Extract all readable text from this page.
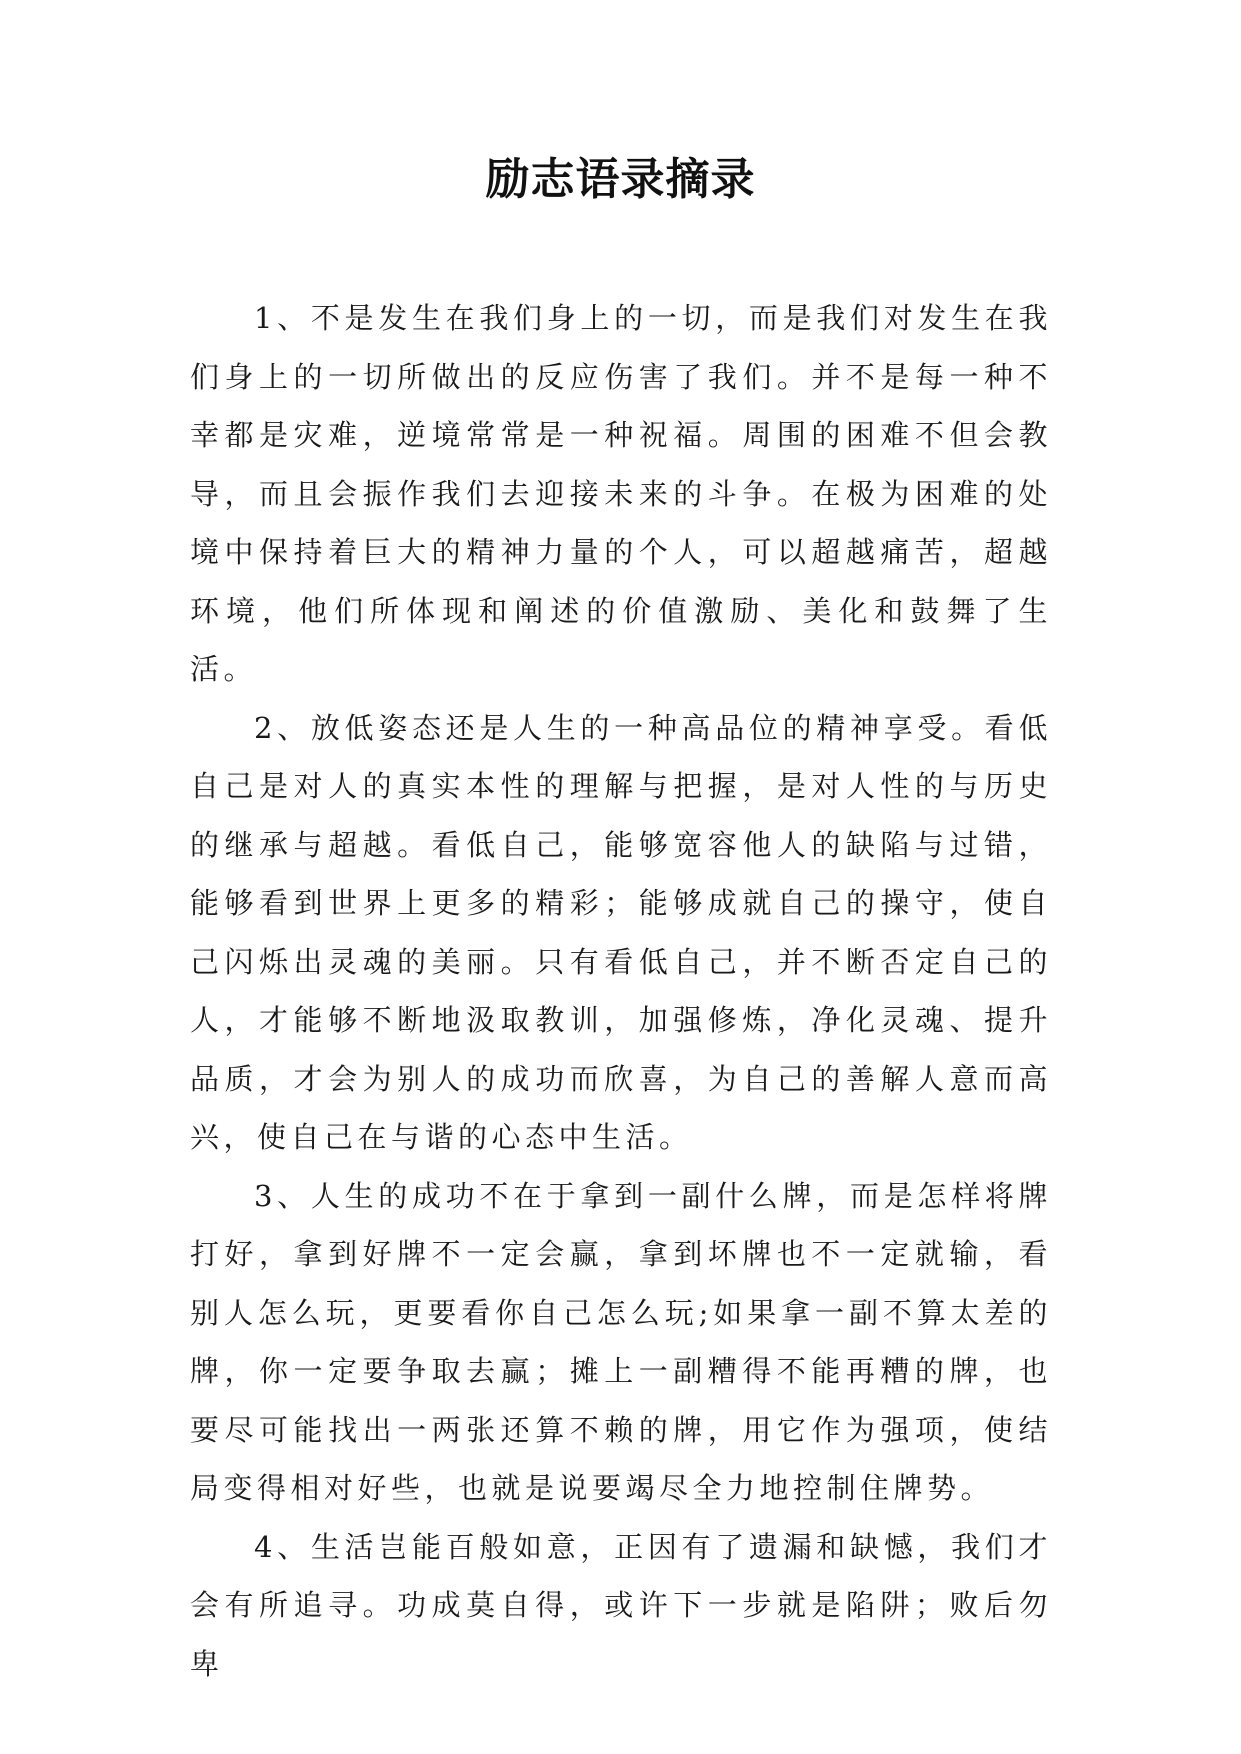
励志语录摘录

1、不是发生在我们身上的一切，而是我们对发生在我们身上的一切所做出的反应伤害了我们。并不是每一种不幸都是灾难，逆境常常是一种祝福。周围的困难不但会教导，而且会振作我们去迎接未来的斗争。在极为困难的处境中保持着巨大的精神力量的个人，可以超越痛苦，超越环境，他们所体现和阐述的价值激励、美化和鼓舞了生活。

2、放低姿态还是人生的一种高品位的精神享受。看低自己是对人的真实本性的理解与把握，是对人性的与历史的继承与超越。看低自己，能够宽容他人的缺陷与过错，能够看到世界上更多的精彩；能够成就自己的操守，使自己闪烁出灵魂的美丽。只有看低自己，并不断否定自己的人，才能够不断地汲取教训，加强修炼，净化灵魂、提升品质，才会为别人的成功而欣喜，为自己的善解人意而高兴，使自己在与谐的心态中生活。

3、人生的成功不在于拿到一副什么牌，而是怎样将牌打好，拿到好牌不一定会赢，拿到坏牌也不一定就输，看别人怎么玩，更要看你自己怎么玩;如果拿一副不算太差的牌，你一定要争取去赢；摊上一副糟得不能再糟的牌，也要尽可能找出一两张还算不赖的牌，用它作为强项，使结局变得相对好些，也就是说要竭尽全力地控制住牌势。

4、生活岂能百般如意，正因有了遗漏和缺憾，我们才会有所追寻。功成莫自得，或许下一步就是陷阱；败后勿卑
